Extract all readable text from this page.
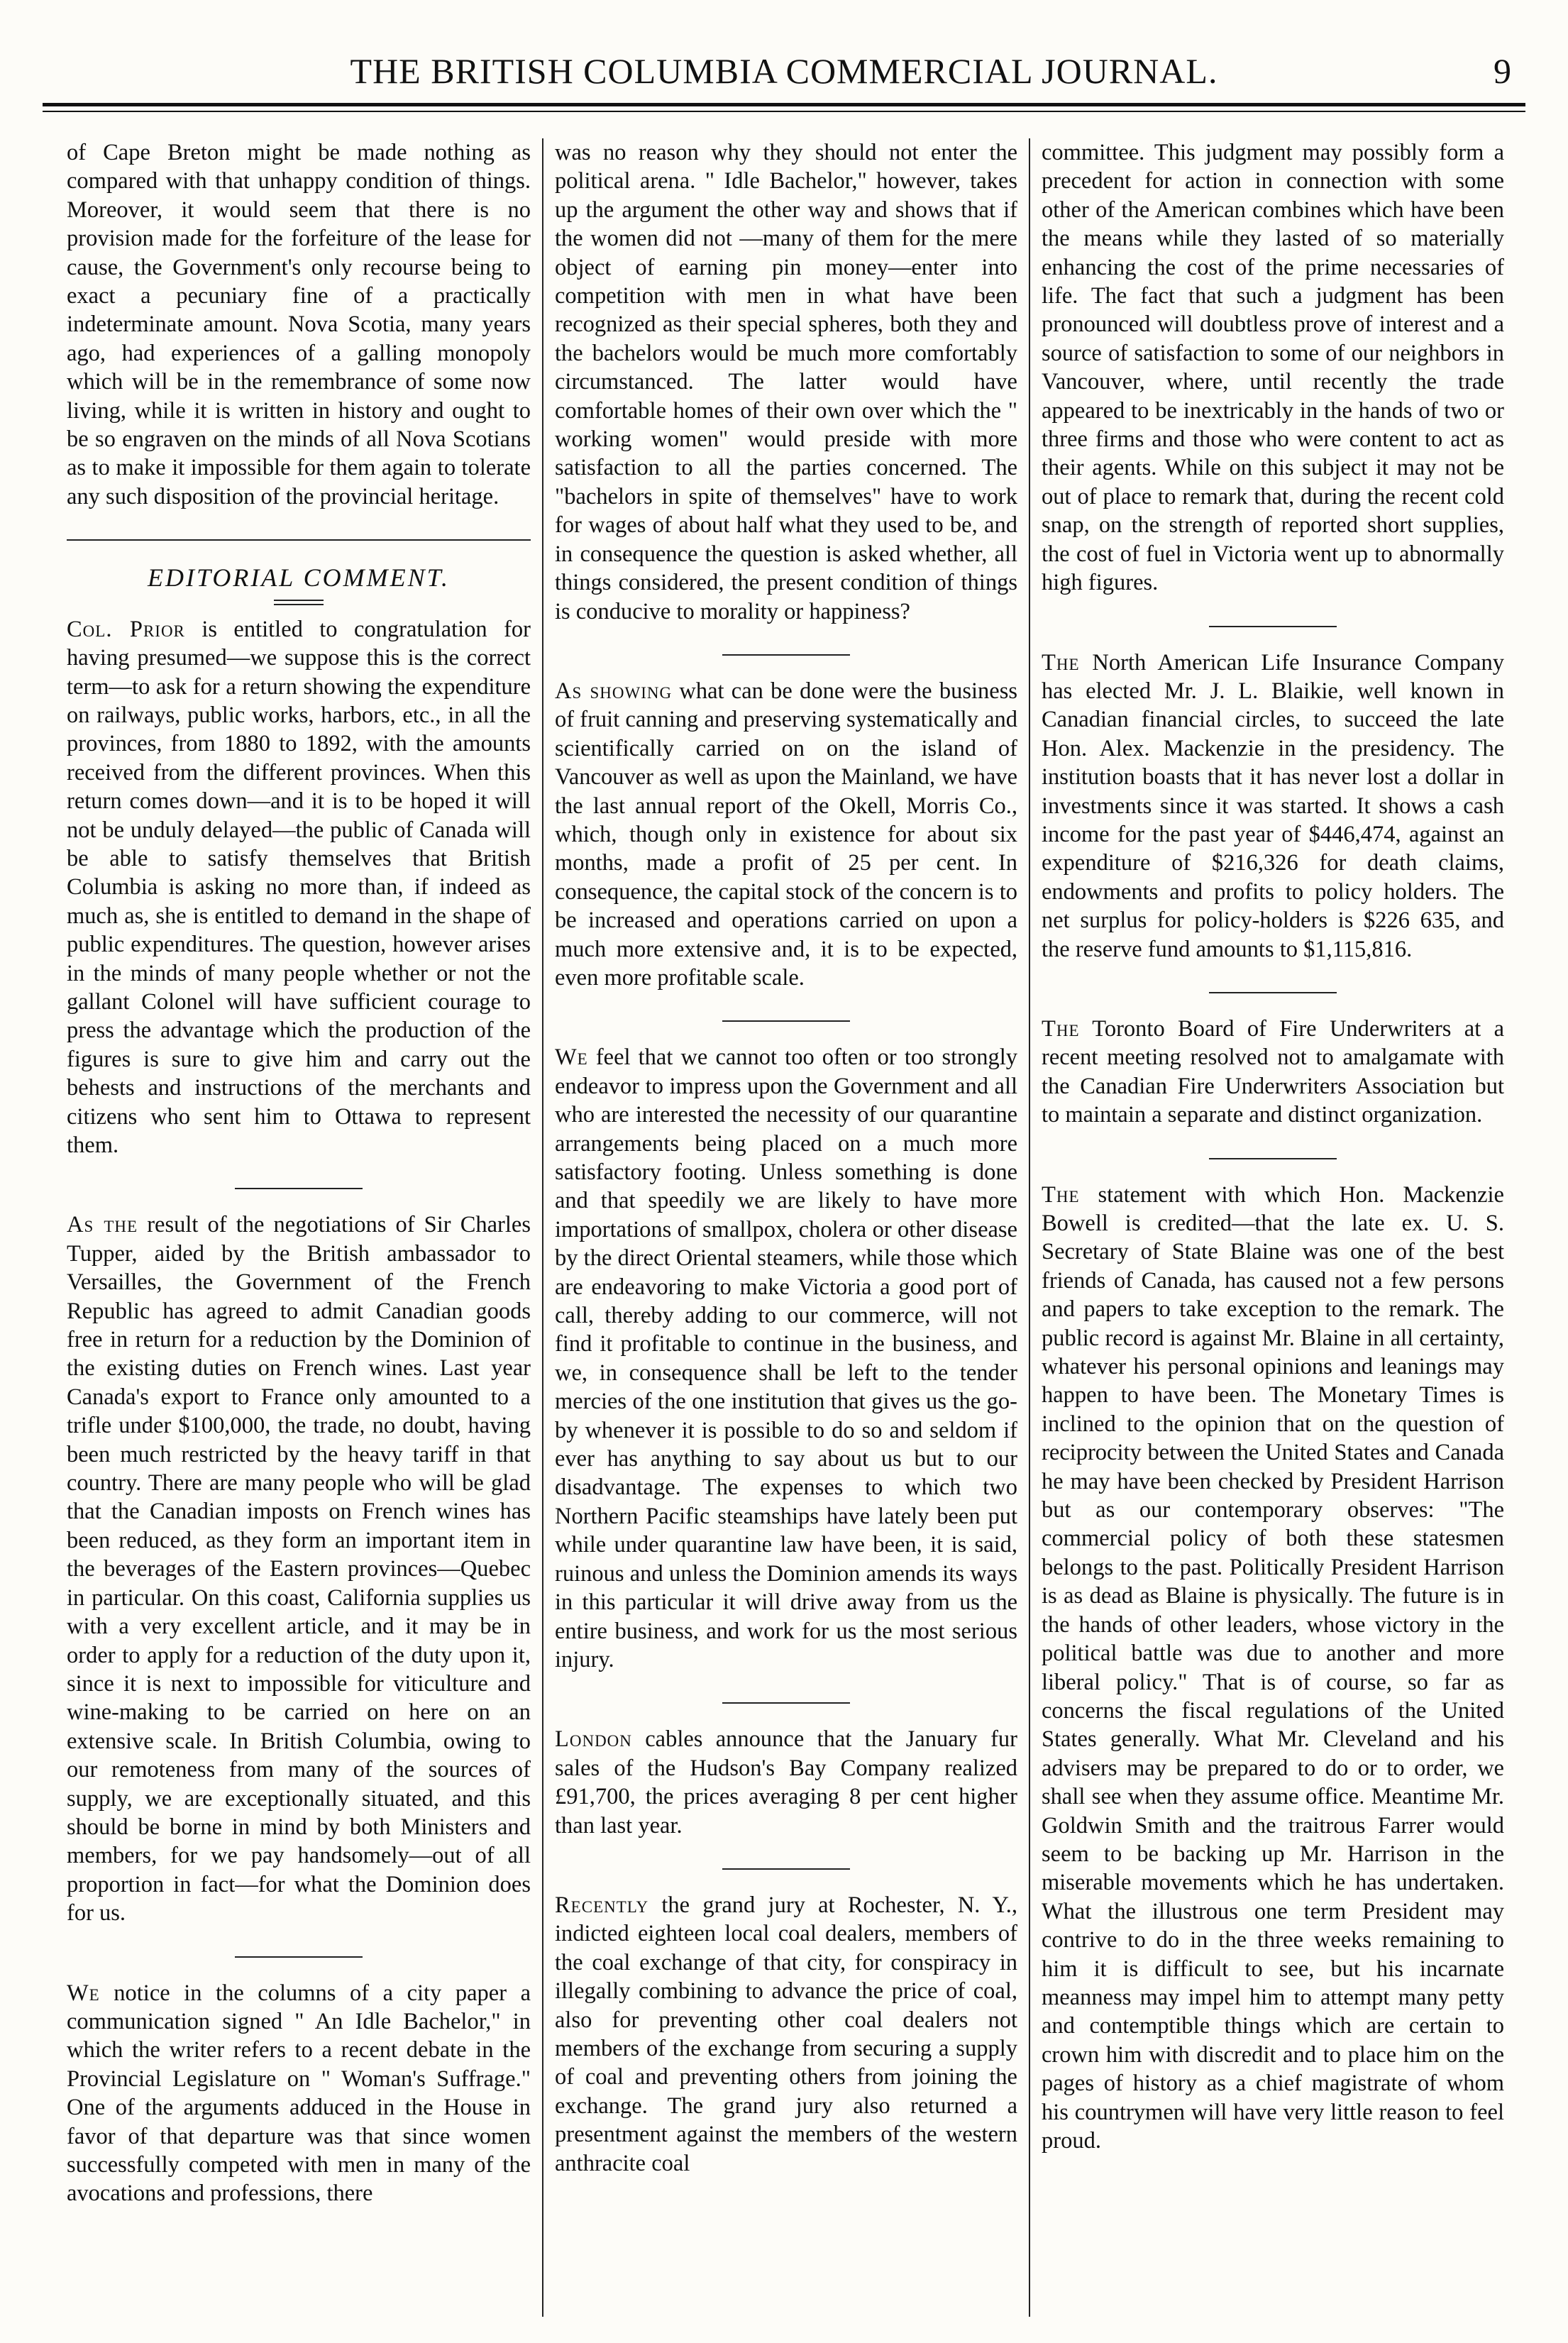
THE BRITISH COLUMBIA COMMERCIAL JOURNAL.	9

of Cape Breton might be made nothing as compared with that unhappy condition of things. Moreover, it would seem that there is no provision made for the forfeiture of the lease for cause, the Government's only recourse being to exact a pecuniary fine of a practically indeterminate amount. Nova Scotia, many years ago, had experiences of a galling monopoly which will be in the remembrance of some now living, while it is written in history and ought to be so engraven on the minds of all Nova Scotians as to make it impossible for them again to tolerate any such disposition of the provincial heritage.

EDITORIAL COMMENT.

Col. Prior is entitled to congratulation for having presumed—we suppose this is the correct term—to ask for a return showing the expenditure on railways, public works, harbors, etc., in all the provinces, from 1880 to 1892, with the amounts received from the different provinces. When this return comes down—and it is to be hoped it will not be unduly delayed—the public of Canada will be able to satisfy themselves that British Columbia is asking no more than, if indeed as much as, she is entitled to demand in the shape of public expenditures. The question, however arises in the minds of many people whether or not the gallant Colonel will have sufficient courage to press the advantage which the production of the figures is sure to give him and carry out the behests and instructions of the merchants and citizens who sent him to Ottawa to represent them.

As the result of the negotiations of Sir Charles Tupper, aided by the British ambassador to Versailles, the Government of the French Republic has agreed to admit Canadian goods free in return for a reduction by the Dominion of the existing duties on French wines. Last year Canada's export to France only amounted to a trifle under $100,000, the trade, no doubt, having been much restricted by the heavy tariff in that country. There are many people who will be glad that the Canadian imposts on French wines has been reduced, as they form an important item in the beverages of the Eastern provinces—Quebec in particular. On this coast, California supplies us with a very excellent article, and it may be in order to apply for a reduction of the duty upon it, since it is next to impossible for viticulture and wine-making to be carried on here on an extensive scale. In British Columbia, owing to our remoteness from many of the sources of supply, we are exceptionally situated, and this should be borne in mind by both Ministers and members, for we pay handsomely—out of all proportion in fact—for what the Dominion does for us.

We notice in the columns of a city paper a communication signed " An Idle Bachelor," in which the writer refers to a recent debate in the Provincial Legislature on " Woman's Suffrage." One of the arguments adduced in the House in favor of that departure was that since women successfully competed with men in many of the avocations and professions, there

was no reason why they should not enter the political arena. " Idle Bachelor," however, takes up the argument the other way and shows that if the women did not —many of them for the mere object of earning pin money—enter into competition with men in what have been recognized as their special spheres, both they and the bachelors would be much more comfortably circumstanced. The latter would have comfortable homes of their own over which the " working women" would preside with more satisfaction to all the parties concerned. The "bachelors in spite of themselves" have to work for wages of about half what they used to be, and in consequence the question is asked whether, all things considered, the present condition of things is conducive to morality or happiness?

As showing what can be done were the business of fruit canning and preserving systematically and scientifically carried on on the island of Vancouver as well as upon the Mainland, we have the last annual report of the Okell, Morris Co., which, though only in existence for about six months, made a profit of 25 per cent. In consequence, the capital stock of the concern is to be increased and operations carried on upon a much more extensive and, it is to be expected, even more profitable scale.

We feel that we cannot too often or too strongly endeavor to impress upon the Government and all who are interested the necessity of our quarantine arrangements being placed on a much more satisfactory footing. Unless something is done and that speedily we are likely to have more importations of smallpox, cholera or other disease by the direct Oriental steamers, while those which are endeavoring to make Victoria a good port of call, thereby adding to our commerce, will not find it profitable to continue in the business, and we, in consequence shall be left to the tender mercies of the one institution that gives us the go-by whenever it is possible to do so and seldom if ever has anything to say about us but to our disadvantage. The expenses to which two Northern Pacific steamships have lately been put while under quarantine law have been, it is said, ruinous and unless the Dominion amends its ways in this particular it will drive away from us the entire business, and work for us the most serious injury.

London cables announce that the January fur sales of the Hudson's Bay Company realized £91,700, the prices averaging 8 per cent higher than last year.

Recently the grand jury at Rochester, N. Y., indicted eighteen local coal dealers, members of the coal exchange of that city, for conspiracy in illegally combining to advance the price of coal, also for preventing other coal dealers not members of the exchange from securing a supply of coal and preventing others from joining the exchange. The grand jury also returned a presentment against the members of the western anthracite coal

committee. This judgment may possibly form a precedent for action in connection with some other of the American combines which have been the means while they lasted of so materially enhancing the cost of the prime necessaries of life. The fact that such a judgment has been pronounced will doubtless prove of interest and a source of satisfaction to some of our neighbors in Vancouver, where, until recently the trade appeared to be inextricably in the hands of two or three firms and those who were content to act as their agents. While on this subject it may not be out of place to remark that, during the recent cold snap, on the strength of reported short supplies, the cost of fuel in Victoria went up to abnormally high figures.

The North American Life Insurance Company has elected Mr. J. L. Blaikie, well known in Canadian financial circles, to succeed the late Hon. Alex. Mackenzie in the presidency. The institution boasts that it has never lost a dollar in investments since it was started. It shows a cash income for the past year of $446,474, against an expenditure of $216,326 for death claims, endowments and profits to policy holders. The net surplus for policy-holders is $226 635, and the reserve fund amounts to $1,115,816.

The Toronto Board of Fire Underwriters at a recent meeting resolved not to amalgamate with the Canadian Fire Underwriters Association but to maintain a separate and distinct organization.

The statement with which Hon. Mackenzie Bowell is credited—that the late ex. U. S. Secretary of State Blaine was one of the best friends of Canada, has caused not a few persons and papers to take exception to the remark. The public record is against Mr. Blaine in all certainty, whatever his personal opinions and leanings may happen to have been. The Monetary Times is inclined to the opinion that on the question of reciprocity between the United States and Canada he may have been checked by President Harrison but as our contemporary observes: "The commercial policy of both these statesmen belongs to the past. Politically President Harrison is as dead as Blaine is physically. The future is in the hands of other leaders, whose victory in the political battle was due to another and more liberal policy." That is of course, so far as concerns the fiscal regulations of the United States generally. What Mr. Cleveland and his advisers may be prepared to do or to order, we shall see when they assume office. Meantime Mr. Goldwin Smith and the traitrous Farrer would seem to be backing up Mr. Harrison in the miserable movements which he has undertaken. What the illustrous one term President may contrive to do in the three weeks remaining to him it is difficult to see, but his incarnate meanness may impel him to attempt many petty and contemptible things which are certain to crown him with discredit and to place him on the pages of history as a chief magistrate of whom his countrymen will have very little reason to feel proud.
